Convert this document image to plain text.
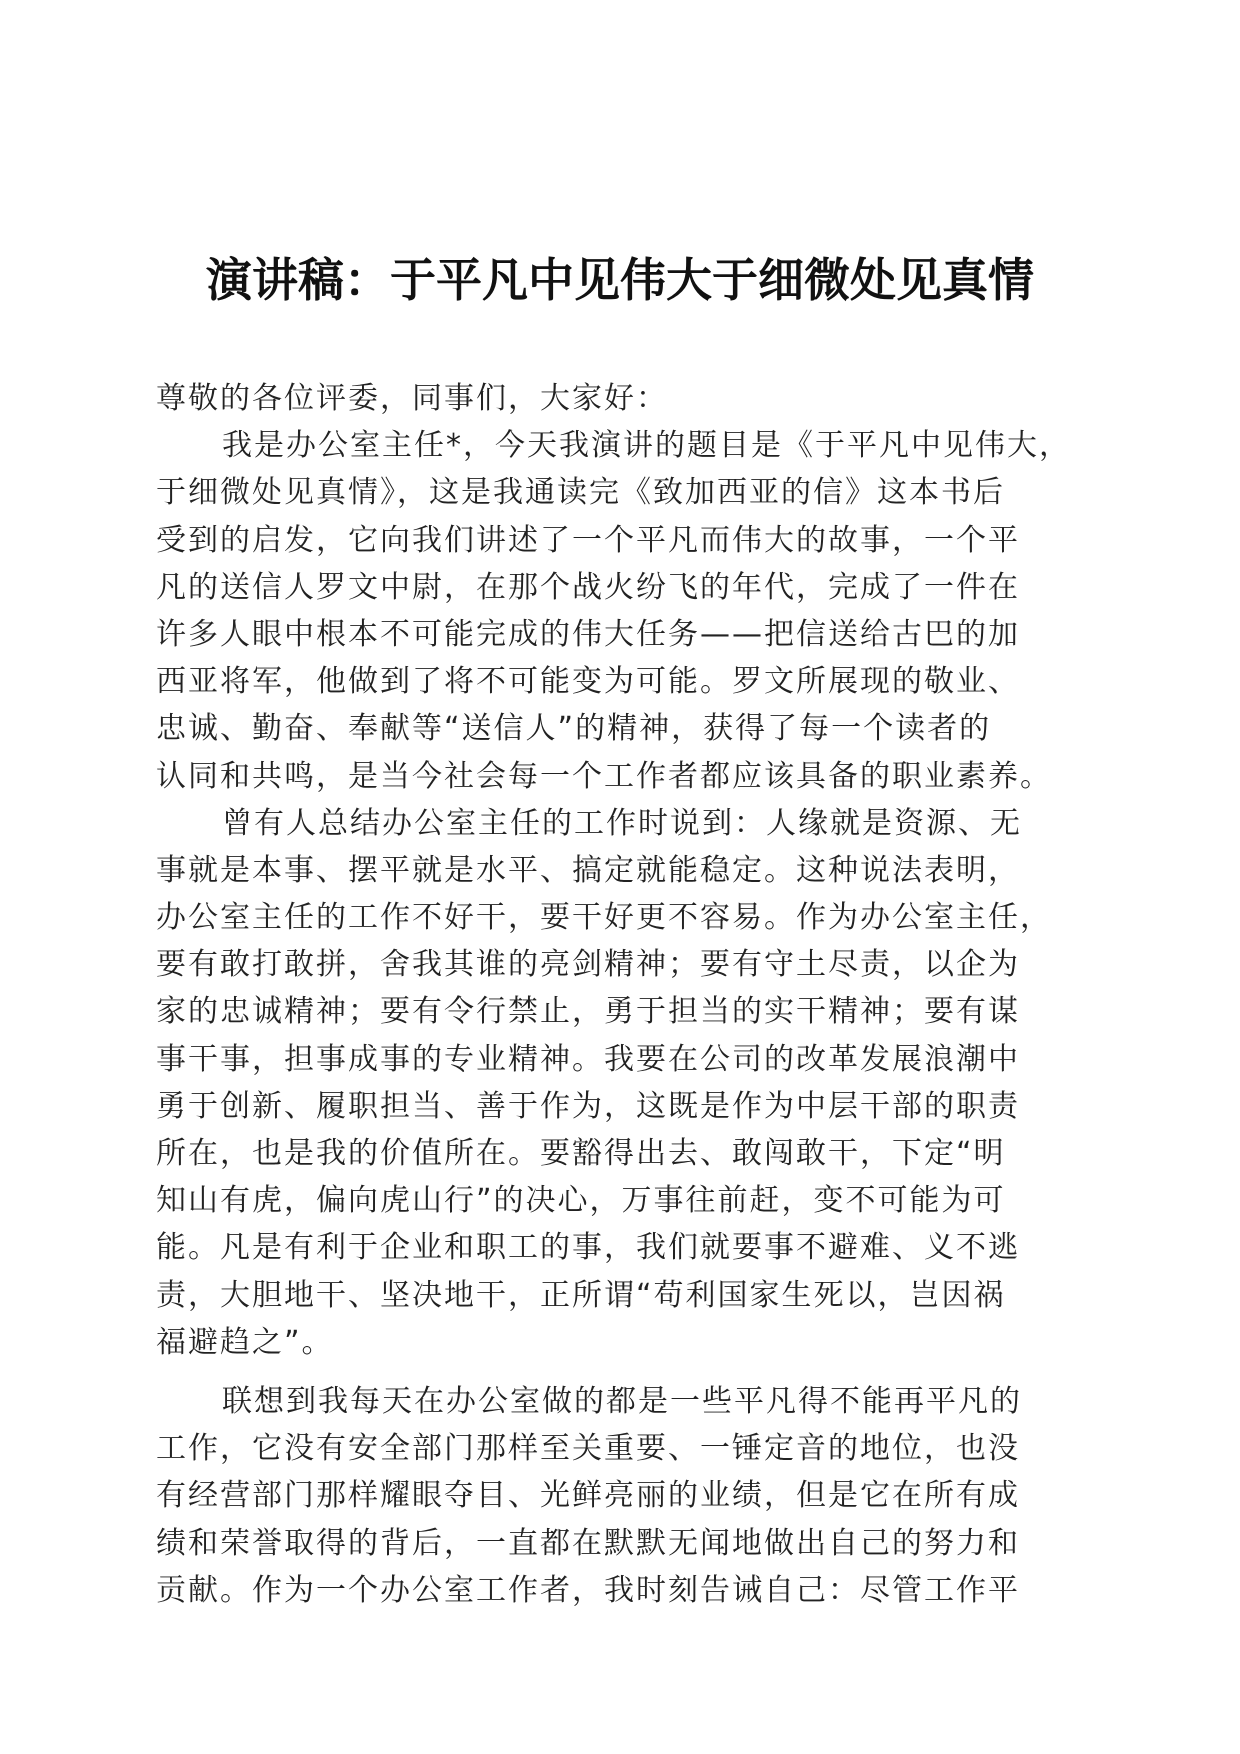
演讲稿：于平凡中见伟大于细微处见真情
尊敬的各位评委，同事们，大家好：
我是办公室主任*，今天我演讲的题目是《于平凡中见伟大，
于细微处见真情》，这是我通读完《致加西亚的信》这本书后
受到的启发，它向我们讲述了一个平凡而伟大的故事，一个平
凡的送信人罗文中尉，在那个战火纷飞的年代，完成了一件在
许多人眼中根本不可能完成的伟大任务——把信送给古巴的加
西亚将军，他做到了将不可能变为可能。罗文所展现的敬业、
忠诚、勤奋、奉献等“送信人”的精神，获得了每一个读者的
认同和共鸣，是当今社会每一个工作者都应该具备的职业素养。
曾有人总结办公室主任的工作时说到：人缘就是资源、无
事就是本事、摆平就是水平、搞定就能稳定。这种说法表明，
办公室主任的工作不好干，要干好更不容易。作为办公室主任，
要有敢打敢拼，舍我其谁的亮剑精神；要有守土尽责，以企为
家的忠诚精神；要有令行禁止，勇于担当的实干精神；要有谋
事干事，担事成事的专业精神。我要在公司的改革发展浪潮中
勇于创新、履职担当、善于作为，这既是作为中层干部的职责
所在，也是我的价值所在。要豁得出去、敢闯敢干，下定“明
知山有虎，偏向虎山行”的决心，万事往前赶，变不可能为可
能。凡是有利于企业和职工的事，我们就要事不避难、义不逃
责，大胆地干、坚决地干，正所谓“苟利国家生死以，岂因祸
福避趋之”。
联想到我每天在办公室做的都是一些平凡得不能再平凡的
工作，它没有安全部门那样至关重要、一锤定音的地位，也没
有经营部门那样耀眼夺目、光鲜亮丽的业绩，但是它在所有成
绩和荣誉取得的背后，一直都在默默无闻地做出自己的努力和
贡献。作为一个办公室工作者，我时刻告诫自己：尽管工作平
